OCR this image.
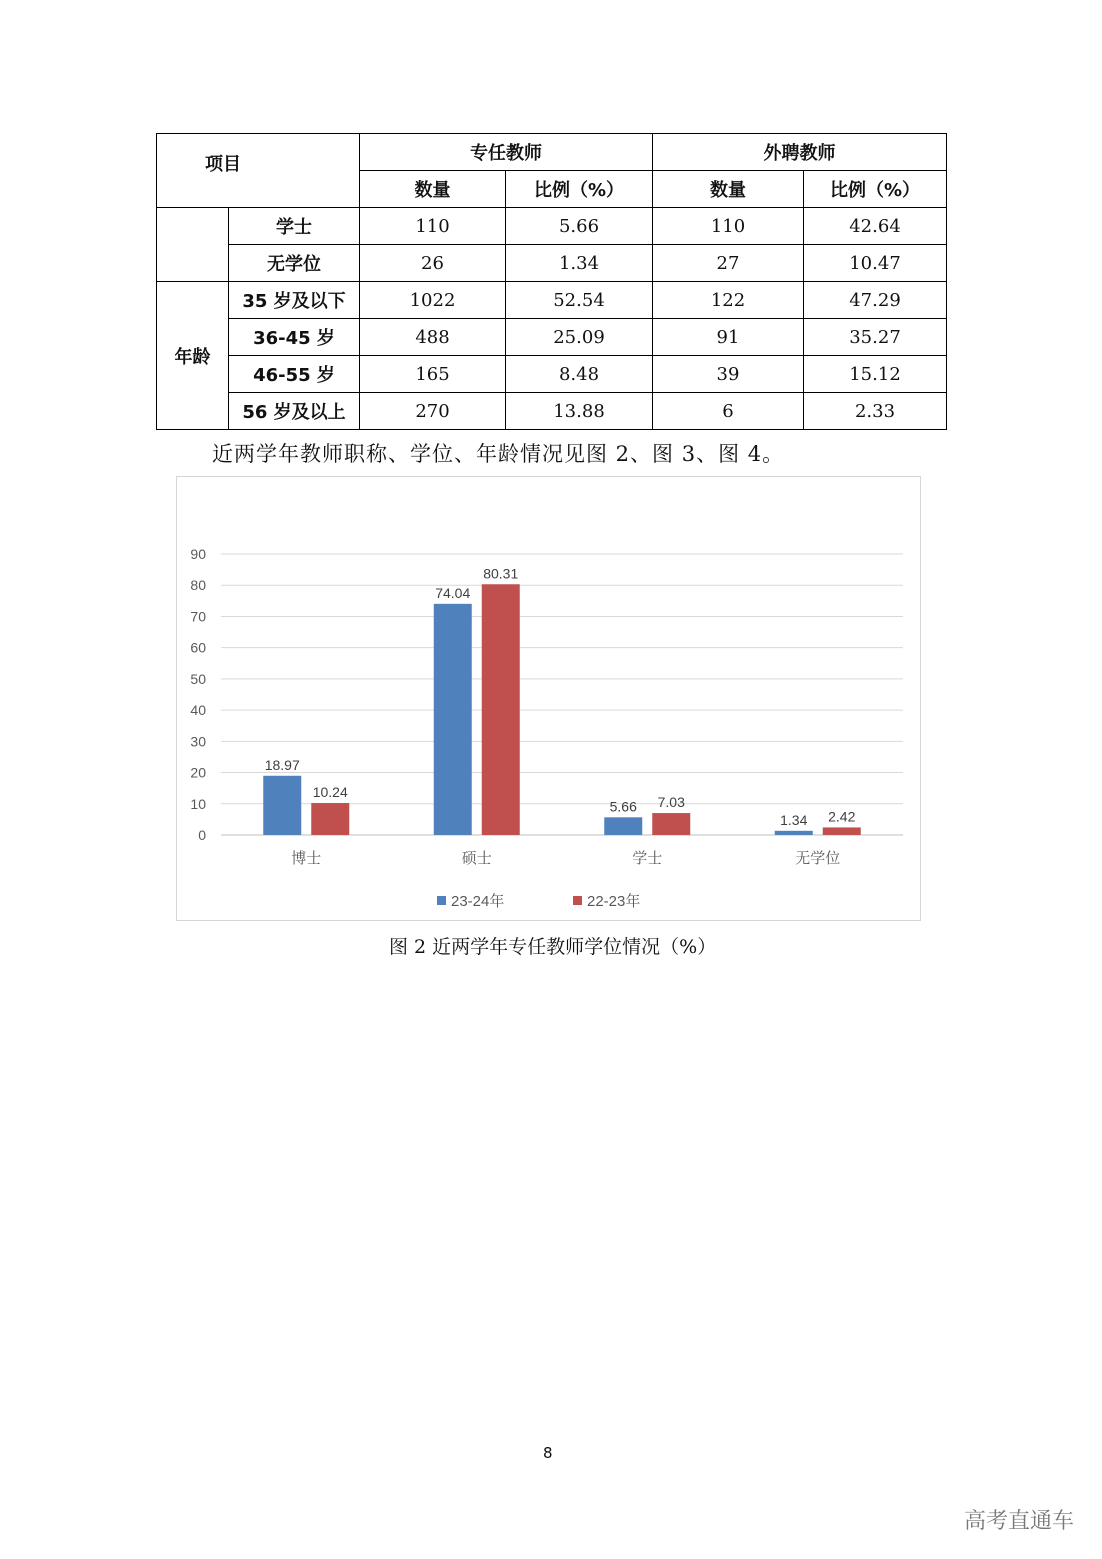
项目		专任教师		外聘教师	
		数量	比例（%）	数量	比例（%）
	学士	110	5.66	110	42.64
	无学位	26	1.34	27	10.47
年龄	35 岁及以下	1022	52.54	122	47.29
	36-45 岁	488	25.09	91	35.27
	46-55 岁	165	8.48	39	15.12
	56 岁及以上	270	13.88	6	2.33
近两学年教师职称、学位、年龄情况见图 2、图 3、图 4。
0
10
20
30
40
50
60
70
80
90
18.97
10.24
博士
74.04
80.31
硕士
5.66 7.03
学士
1.34 2.42
无学位
23-24年	22-23年
图 2 近两学年专任教师学位情况（%）
8
高考直通车
